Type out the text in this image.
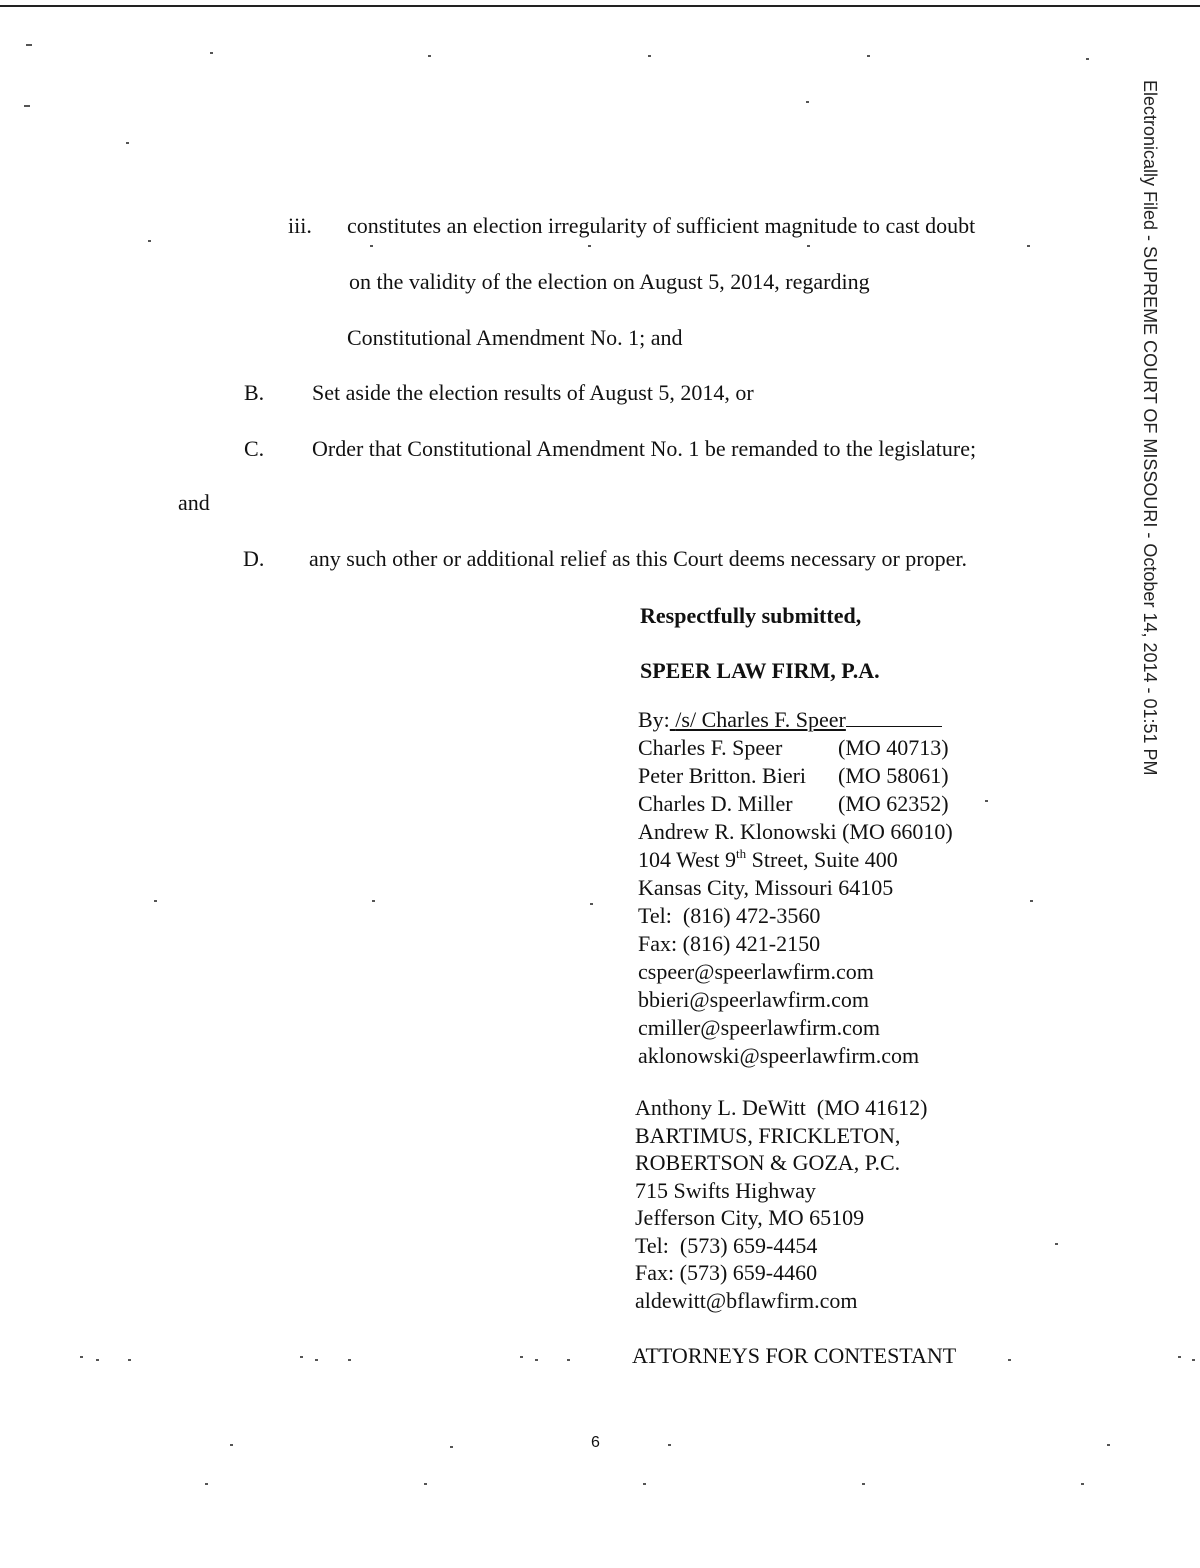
iii. constitutes an election irregularity of sufficient magnitude to cast doubt
on the validity of the election on August 5, 2014, regarding
Constitutional Amendment No. 1; and
B. Set aside the election results of August 5, 2014, or
C. Order that Constitutional Amendment No. 1 be remanded to the legislature;
and
D. any such other or additional relief as this Court deems necessary or proper.
Respectfully submitted,
SPEER LAW FIRM, P.A.
By: /s/ Charles F. Speer
Charles F. Speer	(MO 40713)
Peter Britton. Bieri (MO 58061)
Charles D. Miller (MO 62352)
Andrew R. Klonowski (MO 66010)
104 West 9th Street, Suite 400
Kansas City, Missouri 64105
Tel:  (816) 472-3560
Fax: (816) 421-2150
cspeer@speerlawfirm.com
bbieri@speerlawfirm.com
cmiller@speerlawfirm.com
aklonowski@speerlawfirm.com
Anthony L. DeWitt  (MO 41612)
BARTIMUS, FRICKLETON,
ROBERTSON & GOZA, P.C.
715 Swifts Highway
Jefferson City, MO 65109
Tel:  (573) 659-4454
Fax: (573) 659-4460
aldewitt@bflawfirm.com
ATTORNEYS FOR CONTESTANT
6
Electronically Filed - SUPREME COURT OF MISSOURI - October 14, 2014 - 01:51 PM
